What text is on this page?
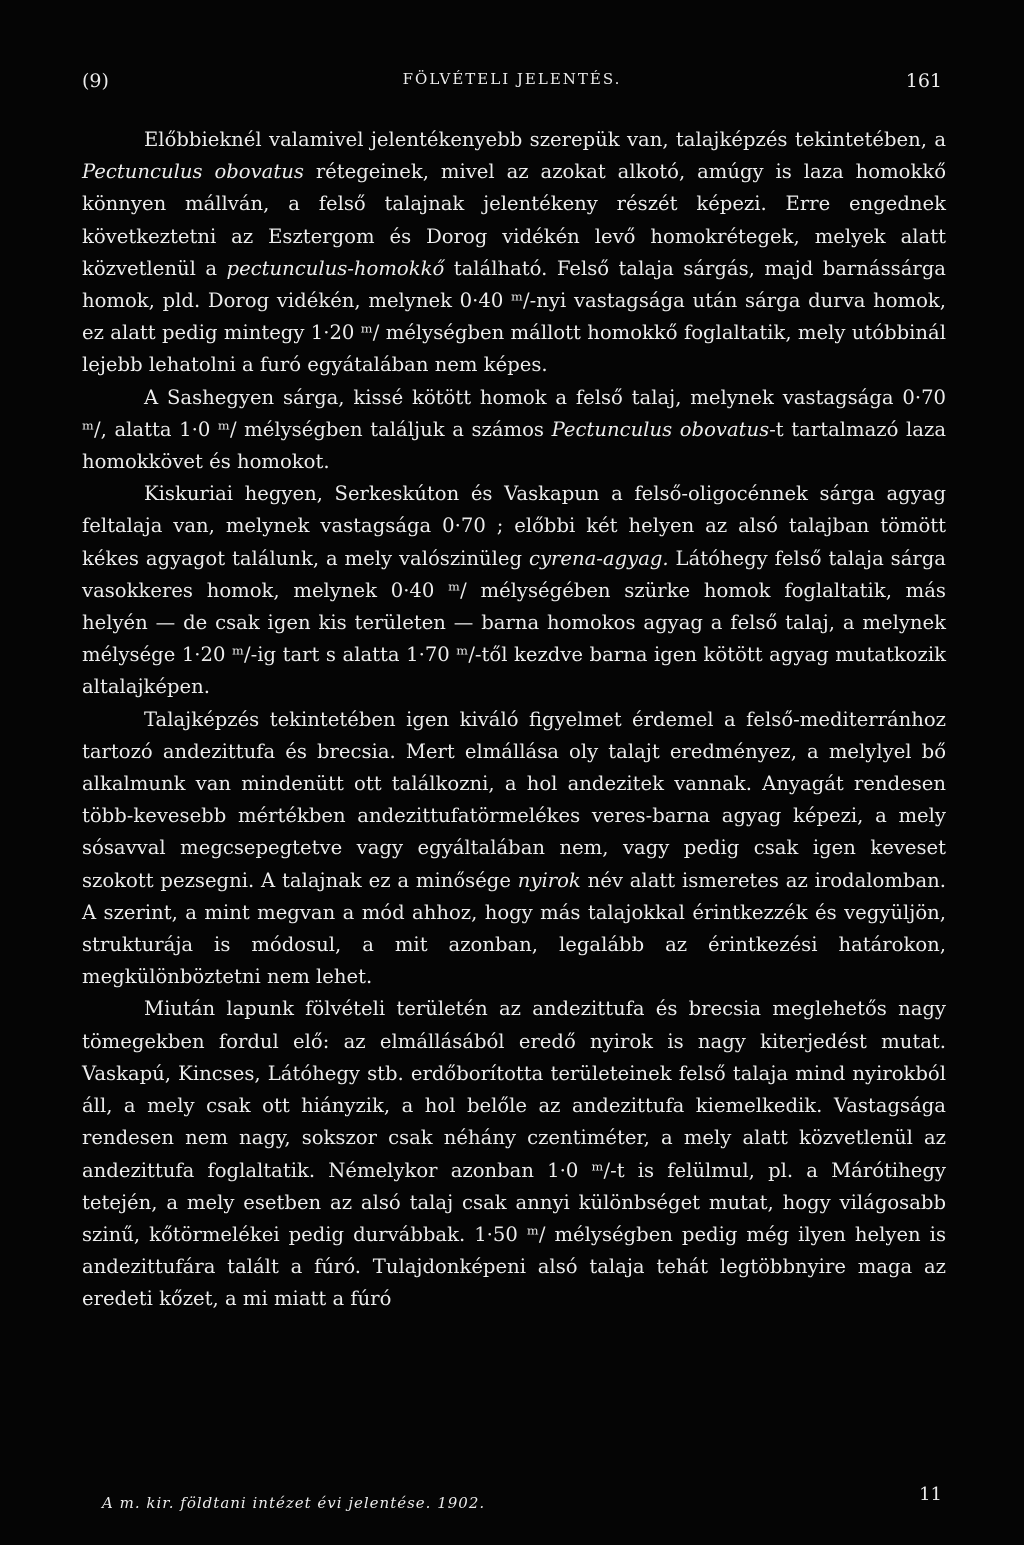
(9)	FÖLVÉTELI JELENTÉS.	161

Előbbieknél valamivel jelentékenyebb szerepük van, talajképzés tekintetében, a Pectunculus obovatus rétegeinek, mivel az azokat alkotó, amúgy is laza homokkő könnyen mállván, a felső talajnak jelentékeny részét képezi. Erre engednek következtetni az Esztergom és Dorog vidékén levő homokrétegek, melyek alatt közvetlenül a pectunculus-homokkő található. Felső talaja sárgás, majd barnássárga homok, pld. Dorog vidékén, melynek 0·40 ᵐ/-nyi vastagsága után sárga durva homok, ez alatt pedig mintegy 1·20 ᵐ/ mélységben mállott homokkő foglaltatik, mely utóbbinál lejebb lehatolni a furó egyátalában nem képes.

A Sashegyen sárga, kissé kötött homok a felső talaj, melynek vastagsága 0·70 ᵐ/, alatta 1·0 ᵐ/ mélységben találjuk a számos Pectunculus obovatus-t tartalmazó laza homokkövet és homokot.

Kiskuriai hegyen, Serkeskúton és Vaskapun a felső-oligocénnek sárga agyag feltalaja van, melynek vastagsága 0·70 ; előbbi két helyen az alsó talajban tömött kékes agyagot találunk, a mely valószinüleg cyrena-agyag. Látóhegy felső talaja sárga vasokkeres homok, melynek 0·40 ᵐ/ mélységében szürke homok foglaltatik, más helyén — de csak igen kis területen — barna homokos agyag a felső talaj, a melynek mélysége 1·20 ᵐ/-ig tart s alatta 1·70 ᵐ/-től kezdve barna igen kötött agyag mutatkozik altalajképen.

Talajképzés tekintetében igen kiváló figyelmet érdemel a felső-mediterránhoz tartozó andezittufa és brecsia. Mert elmállása oly talajt eredményez, a melylyel bő alkalmunk van mindenütt ott találkozni, a hol andezitek vannak. Anyagát rendesen több-kevesebb mértékben andezittufatörmelékes veres-barna agyag képezi, a mely sósavval megcsepegtetve vagy egyáltalában nem, vagy pedig csak igen keveset szokott pezsegni. A talajnak ez a minősége nyirok név alatt ismeretes az irodalomban. A szerint, a mint megvan a mód ahhoz, hogy más talajokkal érintkezzék és vegyüljön, strukturája is módosul, a mit azonban, legalább az érintkezési határokon, megkülönböztetni nem lehet.

Miután lapunk fölvételi területén az andezittufa és brecsia meglehetős nagy tömegekben fordul elő: az elmállásából eredő nyirok is nagy kiterjedést mutat. Vaskapú, Kincses, Látóhegy stb. erdőborította területeinek felső talaja mind nyirokból áll, a mely csak ott hiányzik, a hol belőle az andezittufa kiemelkedik. Vastagsága rendesen nem nagy, sokszor csak néhány czentiméter, a mely alatt közvetlenül az andezittufa foglaltatik. Némelykor azonban 1·0 ᵐ/-t is felülmul, pl. a Márótihegy tetején, a mely esetben az alsó talaj csak annyi különbséget mutat, hogy világosabb szinű, kőtörmelékei pedig durvábbak. 1·50 ᵐ/ mélységben pedig még ilyen helyen is andezittufára talált a fúró. Tulajdonképeni alsó talaja tehát legtöbbnyire maga az eredeti kőzet, a mi miatt a fúró

A m. kir. földtani intézet évi jelentése. 1902.	11
